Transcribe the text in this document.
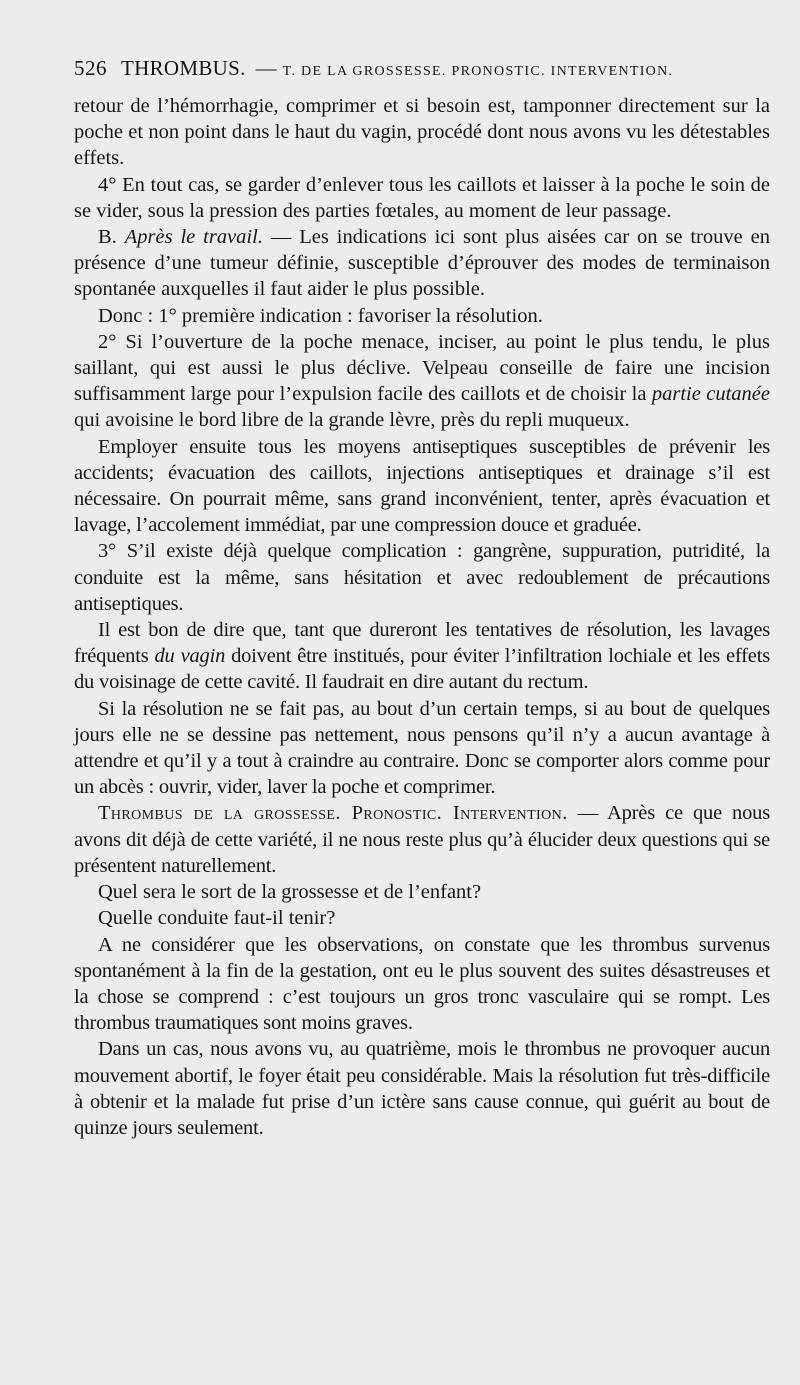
526 THROMBUS. — T. DE LA GROSSESSE. PRONOSTIC. INTERVENTION.

retour de l’hémorrhagie, comprimer et si besoin est, tamponner directement sur la poche et non point dans le haut du vagin, procédé dont nous avons vu les détestables effets.

4° En tout cas, se garder d’enlever tous les caillots et laisser à la poche le soin de se vider, sous la pression des parties fœtales, au moment de leur passage.

B. Après le travail. — Les indications ici sont plus aisées car on se trouve en présence d’une tumeur définie, susceptible d’éprouver des modes de terminaison spontanée auxquelles il faut aider le plus possible.

Donc : 1° première indication : favoriser la résolution.

2° Si l’ouverture de la poche menace, inciser, au point le plus tendu, le plus saillant, qui est aussi le plus déclive. Velpeau conseille de faire une incision suffisamment large pour l’expulsion facile des caillots et de choisir la partie cutanée qui avoisine le bord libre de la grande lèvre, près du repli muqueux.

Employer ensuite tous les moyens antiseptiques susceptibles de prévenir les accidents; évacuation des caillots, injections antiseptiques et drainage s’il est nécessaire. On pourrait même, sans grand inconvénient, tenter, après évacuation et lavage, l’accolement immédiat, par une compression douce et graduée.

3° S’il existe déjà quelque complication : gangrène, suppuration, putridité, la conduite est la même, sans hésitation et avec redoublement de précautions antiseptiques.

Il est bon de dire que, tant que dureront les tentatives de résolution, les lavages fréquents du vagin doivent être institués, pour éviter l’infiltration lochiale et les effets du voisinage de cette cavité. Il faudrait en dire autant du rectum.

Si la résolution ne se fait pas, au bout d’un certain temps, si au bout de quelques jours elle ne se dessine pas nettement, nous pensons qu’il n’y a aucun avantage à attendre et qu’il y a tout à craindre au contraire. Donc se comporter alors comme pour un abcès : ouvrir, vider, laver la poche et comprimer.

Thrombus de la grossesse. Pronostic. Intervention. — Après ce que nous avons dit déjà de cette variété, il ne nous reste plus qu’à élucider deux questions qui se présentent naturellement.

Quel sera le sort de la grossesse et de l’enfant?

Quelle conduite faut-il tenir?

A ne considérer que les observations, on constate que les thrombus survenus spontanément à la fin de la gestation, ont eu le plus souvent des suites désastreuses et la chose se comprend : c’est toujours un gros tronc vasculaire qui se rompt. Les thrombus traumatiques sont moins graves.

Dans un cas, nous avons vu, au quatrième, mois le thrombus ne provoquer aucun mouvement abortif, le foyer était peu considérable. Mais la résolution fut très-difficile à obtenir et la malade fut prise d’un ictère sans cause connue, qui guérit au bout de quinze jours seulement.
